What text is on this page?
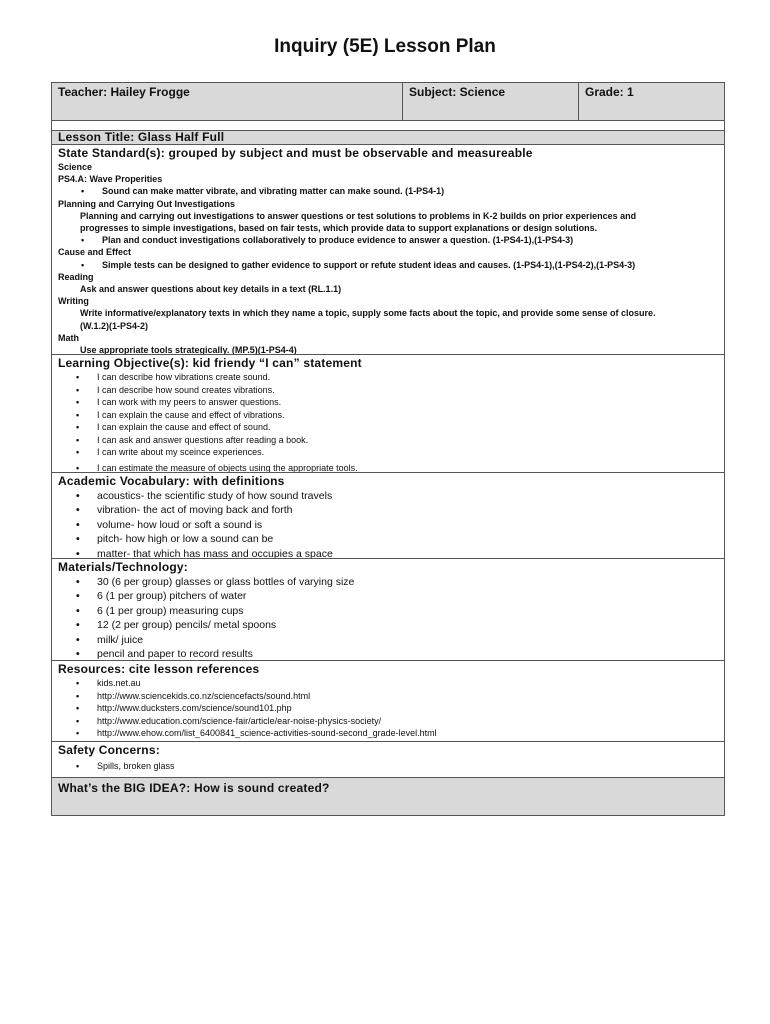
Inquiry (5E) Lesson Plan
Teacher: Hailey Frogge	Subject: Science	Grade: 1
Lesson Title: Glass Half Full
State Standard(s): grouped by subject and must be observable and measureable
Science
PS4.A: Wave Properities
• Sound can make matter vibrate, and vibrating matter can make sound. (1-PS4-1)
Planning and Carrying Out Investigations
Planning and carrying out investigations to answer questions or test solutions to problems in K-2 builds on prior experiences and progresses to simple investigations, based on fair tests, which provide data to support explanations or design solutions.
• Plan and conduct investigations collaboratively to produce evidence to answer a question. (1-PS4-1),(1-PS4-3)
Cause and Effect
• Simple tests can be designed to gather evidence to support or refute student ideas and causes. (1-PS4-1),(1-PS4-2),(1-PS4-3)
Reading
Ask and answer questions about key details in a text (RL.1.1)
Writing
Write informative/explanatory texts in which they name a topic, supply some facts about the topic, and provide some sense of closure. (W.1.2)(1-PS4-2)
Math
Use appropriate tools strategically. (MP.5)(1-PS4-4)
Learning Objective(s): kid friendy “I can” statement
• I can describe how vibrations create sound.
• I can describe how sound creates vibrations.
• I can work with my peers to answer questions.
• I can explain the cause and effect of vibrations.
• I can explain the cause and effect of sound.
• I can ask and answer questions after reading a book.
• I can write about my sceince experiences.
• I can estimate the measure of objects using the appropriate tools.
Academic Vocabulary: with definitions
• acoustics- the scientific study of how sound travels
• vibration- the act of moving back and forth
• volume- how loud or soft a sound is
• pitch- how high or low a sound can be
• matter- that which has mass and occupies a space
Materials/Technology:
• 30 (6 per group) glasses or glass bottles of varying size
• 6 (1 per group) pitchers of water
• 6 (1 per group) measuring cups
• 12 (2 per group) pencils/ metal spoons
• milk/ juice
• pencil and paper to record results
Resources: cite lesson references
• kids.net.au
• http://www.sciencekids.co.nz/sciencefacts/sound.html
• http://www.ducksters.com/science/sound101.php
• http://www.education.com/science-fair/article/ear-noise-physics-society/
• http://www.ehow.com/list_6400841_science-activities-sound-second_grade-level.html
Safety Concerns:
• Spills, broken glass
What’s the BIG IDEA?: How is sound created?
